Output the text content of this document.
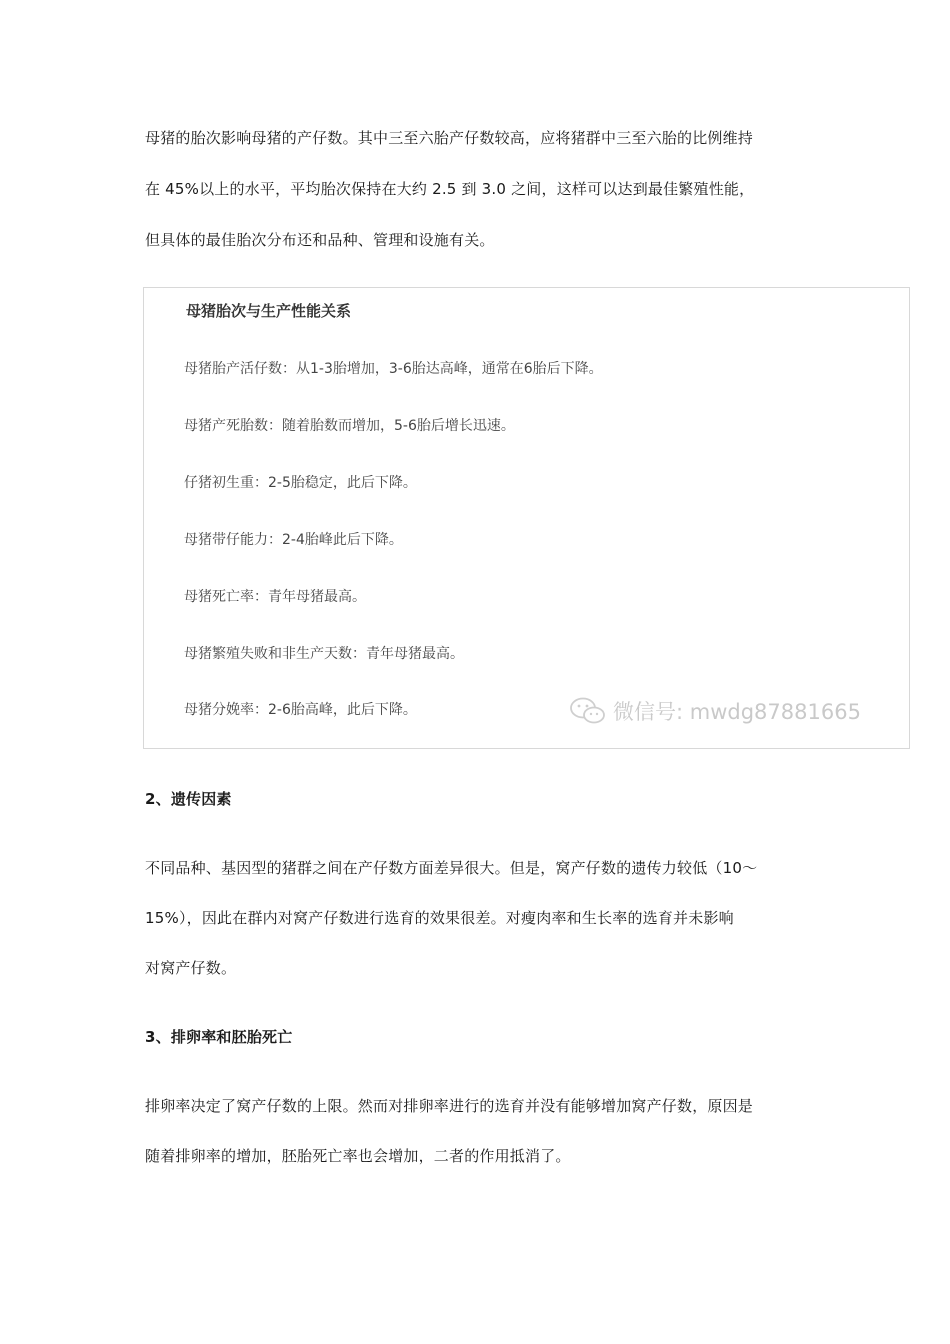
母猪的胎次影响母猪的产仔数。其中三至六胎产仔数较高，应将猪群中三至六胎的比例维持
在 45%以上的水平，平均胎次保持在大约 2.5 到 3.0 之间，这样可以达到最佳繁殖性能，
但具体的最佳胎次分布还和品种、管理和设施有关。
母猪胎次与生产性能关系
母猪胎产活仔数：从1-3胎增加，3-6胎达高峰，通常在6胎后下降。
母猪产死胎数：随着胎数而增加，5-6胎后增长迅速。
仔猪初生重：2-5胎稳定，此后下降。
母猪带仔能力：2-4胎峰此后下降。
母猪死亡率：青年母猪最高。
母猪繁殖失败和非生产天数：青年母猪最高。
母猪分娩率：2-6胎高峰，此后下降。	微信号: mwdg87881665
2、遗传因素
不同品种、基因型的猪群之间在产仔数方面差异很大。但是，窝产仔数的遗传力较低（10～
15%），因此在群内对窝产仔数进行选育的效果很差。对瘦肉率和生长率的选育并未影响
对窝产仔数。
3、排卵率和胚胎死亡
排卵率决定了窝产仔数的上限。然而对排卵率进行的选育并没有能够增加窝产仔数，原因是
随着排卵率的增加，胚胎死亡率也会增加，二者的作用抵消了。
